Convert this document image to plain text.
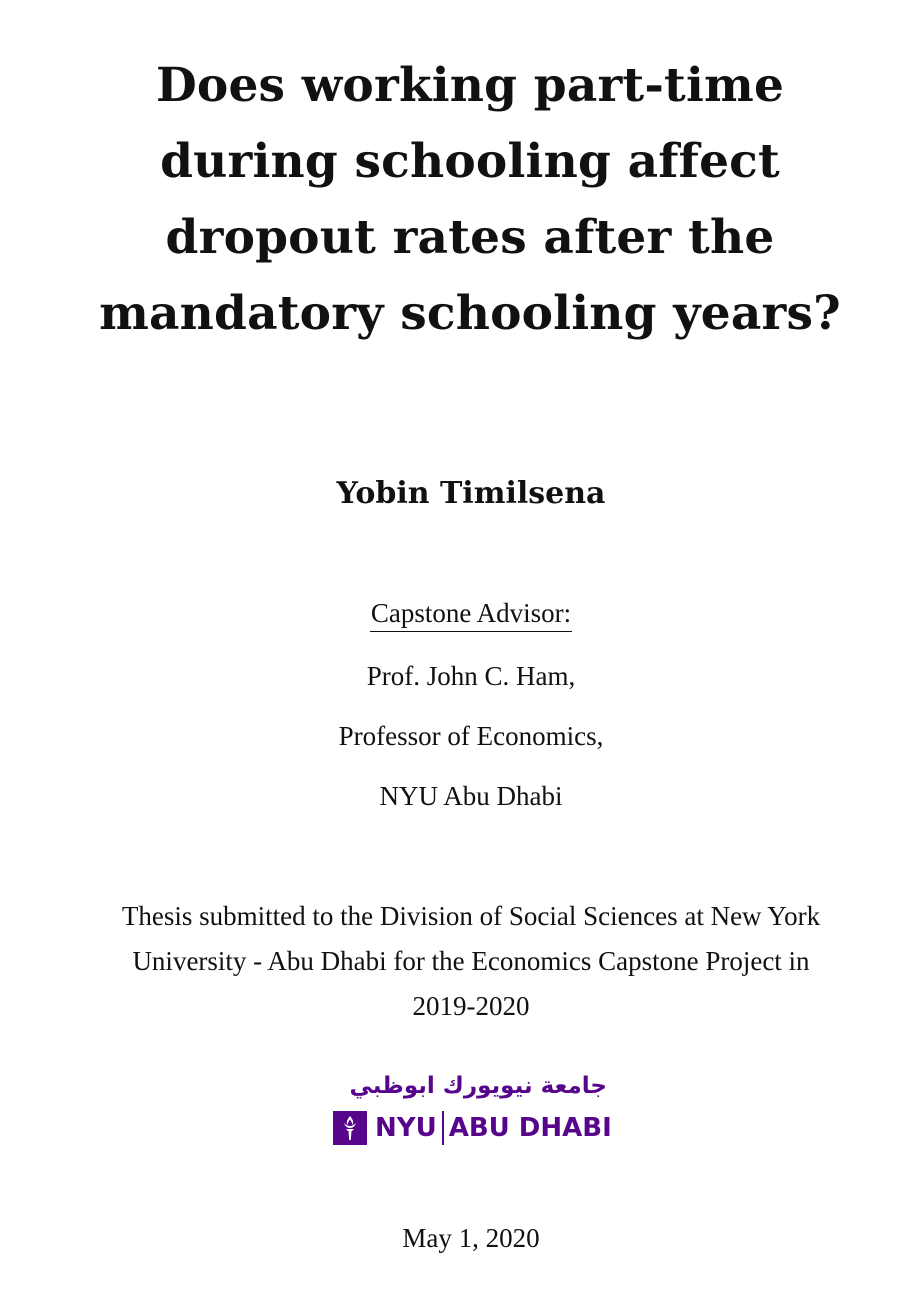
Does working part-time during schooling affect dropout rates after the mandatory schooling years?
Yobin Timilsena
Capstone Advisor:
Prof. John C. Ham,
Professor of Economics,
NYU Abu Dhabi
Thesis submitted to the Division of Social Sciences at New York University - Abu Dhabi for the Economics Capstone Project in 2019-2020
جامعة نيويورك ابوظبي
NYU ABU DHABI
May 1, 2020
